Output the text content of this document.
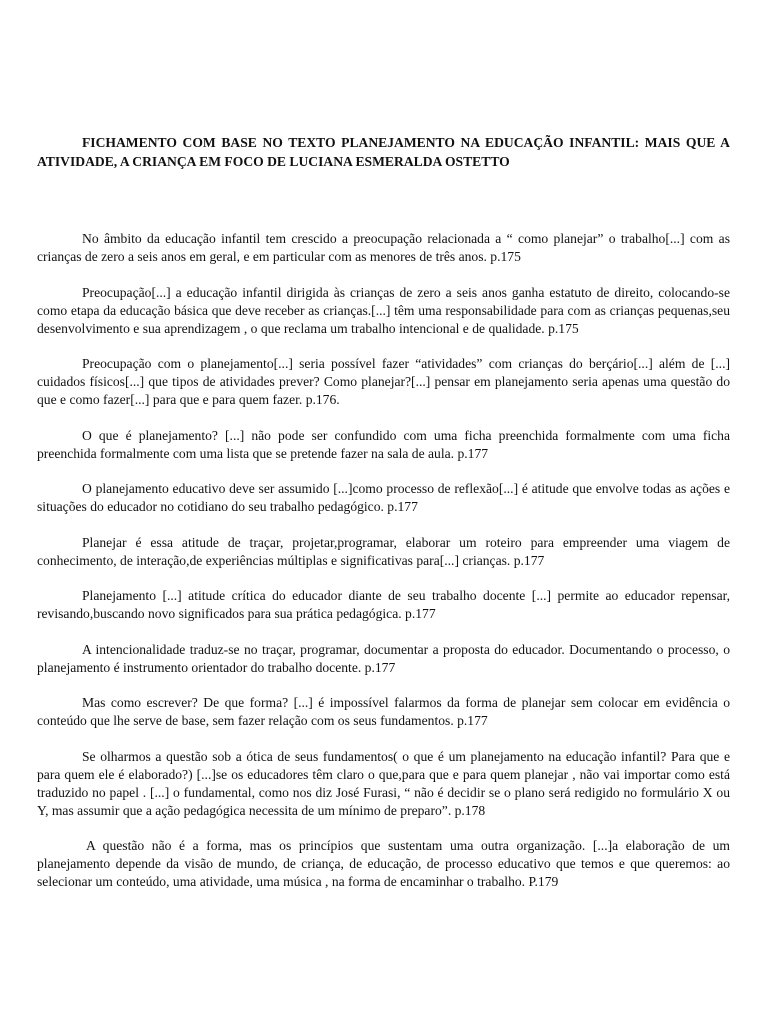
FICHAMENTO COM BASE NO TEXTO PLANEJAMENTO NA EDUCAÇÃO INFANTIL: MAIS QUE A ATIVIDADE, A CRIANÇA EM FOCO DE LUCIANA ESMERALDA OSTETTO

No âmbito da educação infantil tem crescido a preocupação relacionada a “ como planejar” o trabalho[...] com as crianças de zero a seis anos em geral, e em particular com as menores de três anos. p.175

Preocupação[...] a educação infantil dirigida às crianças de zero a seis anos ganha estatuto de direito, colocando-se como etapa da educação básica que deve receber as crianças.[...] têm uma responsabilidade para com as crianças pequenas,seu desenvolvimento e sua aprendizagem , o que reclama um trabalho intencional e de qualidade. p.175

Preocupação com o planejamento[...] seria possível fazer “atividades” com crianças do berçário[...] além de [...] cuidados físicos[...] que tipos de atividades prever? Como planejar?[...] pensar em planejamento seria apenas uma questão do que e como fazer[...] para que e para quem fazer. p.176.

O que é planejamento? [...] não pode ser confundido com uma ficha preenchida formalmente com uma ficha preenchida formalmente com uma lista que se pretende fazer na sala de aula. p.177

O planejamento educativo deve ser assumido [...]como processo de reflexão[...] é atitude que envolve todas as ações e situações do educador no cotidiano do seu trabalho pedagógico. p.177

Planejar é essa atitude de traçar, projetar,programar, elaborar um roteiro para empreender uma viagem de conhecimento, de interação,de experiências múltiplas e significativas para[...] crianças. p.177

Planejamento [...] atitude crítica do educador diante de seu trabalho docente [...] permite ao educador repensar, revisando,buscando novo significados para sua prática pedagógica. p.177

A intencionalidade traduz-se no traçar, programar, documentar a proposta do educador. Documentando o processo, o planejamento é instrumento orientador do trabalho docente. p.177

Mas como escrever? De que forma? [...] é impossível falarmos da forma de planejar sem colocar em evidência o conteúdo que lhe serve de base, sem fazer relação com os seus fundamentos. p.177

Se olharmos a questão sob a ótica de seus fundamentos( o que é um planejamento na educação infantil? Para que e para quem ele é elaborado?) [...]se os educadores têm claro o que,para que e para quem planejar , não vai importar como está traduzido no papel . [...] o fundamental, como nos diz José Furasi, “ não é decidir se o plano será redigido no formulário X ou Y, mas assumir que a ação pedagógica necessita de um mínimo de preparo”. p.178

A questão não é a forma, mas os princípios que sustentam uma outra organização. [...]a elaboração de um planejamento depende da visão de mundo, de criança, de educação, de processo educativo que temos e que queremos: ao selecionar um conteúdo, uma atividade, uma música , na forma de encaminhar o trabalho. P.179
